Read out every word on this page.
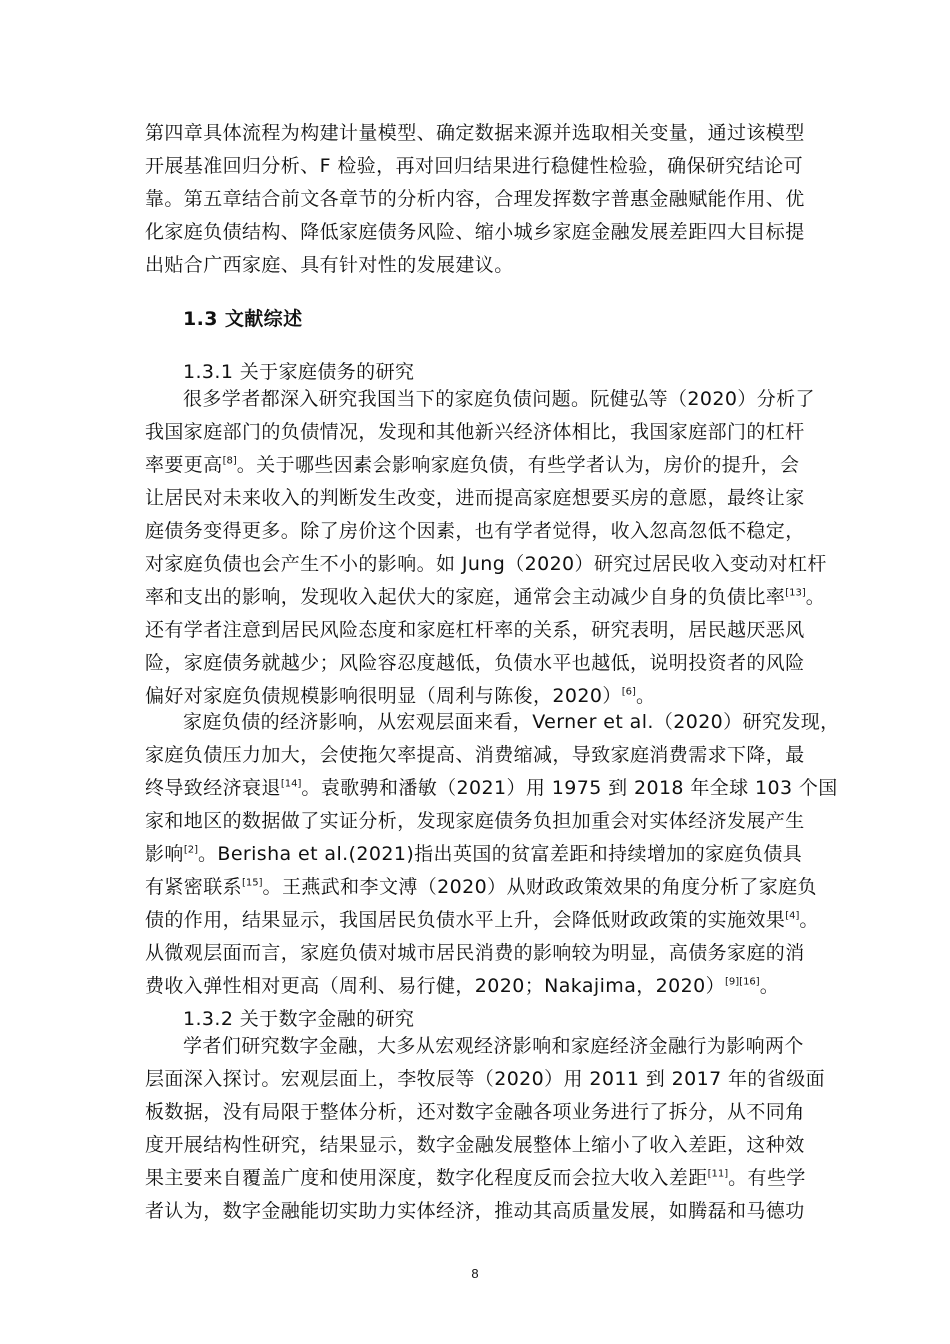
第四章具体流程为构建计量模型、确定数据来源并选取相关变量，通过该模型
开展基准回归分析、F 检验，再对回归结果进行稳健性检验，确保研究结论可
靠。第五章结合前文各章节的分析内容，合理发挥数字普惠金融赋能作用、优
化家庭负债结构、降低家庭债务风险、缩小城乡家庭金融发展差距四大目标提
出贴合广西家庭、具有针对性的发展建议。
1.3 文献综述
1.3.1 关于家庭债务的研究
很多学者都深入研究我国当下的家庭负债问题。阮健弘等（2020）分析了
我国家庭部门的负债情况，发现和其他新兴经济体相比，我国家庭部门的杠杆
率要更高[8]。关于哪些因素会影响家庭负债，有些学者认为，房价的提升，会
让居民对未来收入的判断发生改变，进而提高家庭想要买房的意愿，最终让家
庭债务变得更多。除了房价这个因素，也有学者觉得，收入忽高忽低不稳定，
对家庭负债也会产生不小的影响。如 Jung（2020）研究过居民收入变动对杠杆
率和支出的影响，发现收入起伏大的家庭，通常会主动减少自身的负债比率[13]。
还有学者注意到居民风险态度和家庭杠杆率的关系，研究表明，居民越厌恶风
险，家庭债务就越少；风险容忍度越低，负债水平也越低，说明投资者的风险
偏好对家庭负债规模影响很明显（周利与陈俊，2020）[6]。
家庭负债的经济影响，从宏观层面来看，Verner et al.（2020）研究发现，
家庭负债压力加大，会使拖欠率提高、消费缩减，导致家庭消费需求下降，最
终导致经济衰退[14]。袁歌骋和潘敏（2021）用 1975 到 2018 年全球 103 个国
家和地区的数据做了实证分析，发现家庭债务负担加重会对实体经济发展产生
影响[2]。Berisha et al.(2021)指出英国的贫富差距和持续增加的家庭负债具
有紧密联系[15]。王燕武和李文溥（2020）从财政政策效果的角度分析了家庭负
债的作用，结果显示，我国居民负债水平上升，会降低财政政策的实施效果[4]。
从微观层面而言，家庭负债对城市居民消费的影响较为明显，高债务家庭的消
费收入弹性相对更高（周利、易行健，2020；Nakajima，2020）[9][16]。
1.3.2 关于数字金融的研究
学者们研究数字金融，大多从宏观经济影响和家庭经济金融行为影响两个
层面深入探讨。宏观层面上，李牧辰等（2020）用 2011 到 2017 年的省级面
板数据，没有局限于整体分析，还对数字金融各项业务进行了拆分，从不同角
度开展结构性研究，结果显示，数字金融发展整体上缩小了收入差距，这种效
果主要来自覆盖广度和使用深度，数字化程度反而会拉大收入差距[11]。有些学
者认为，数字金融能切实助力实体经济，推动其高质量发展，如腾磊和马德功
8
